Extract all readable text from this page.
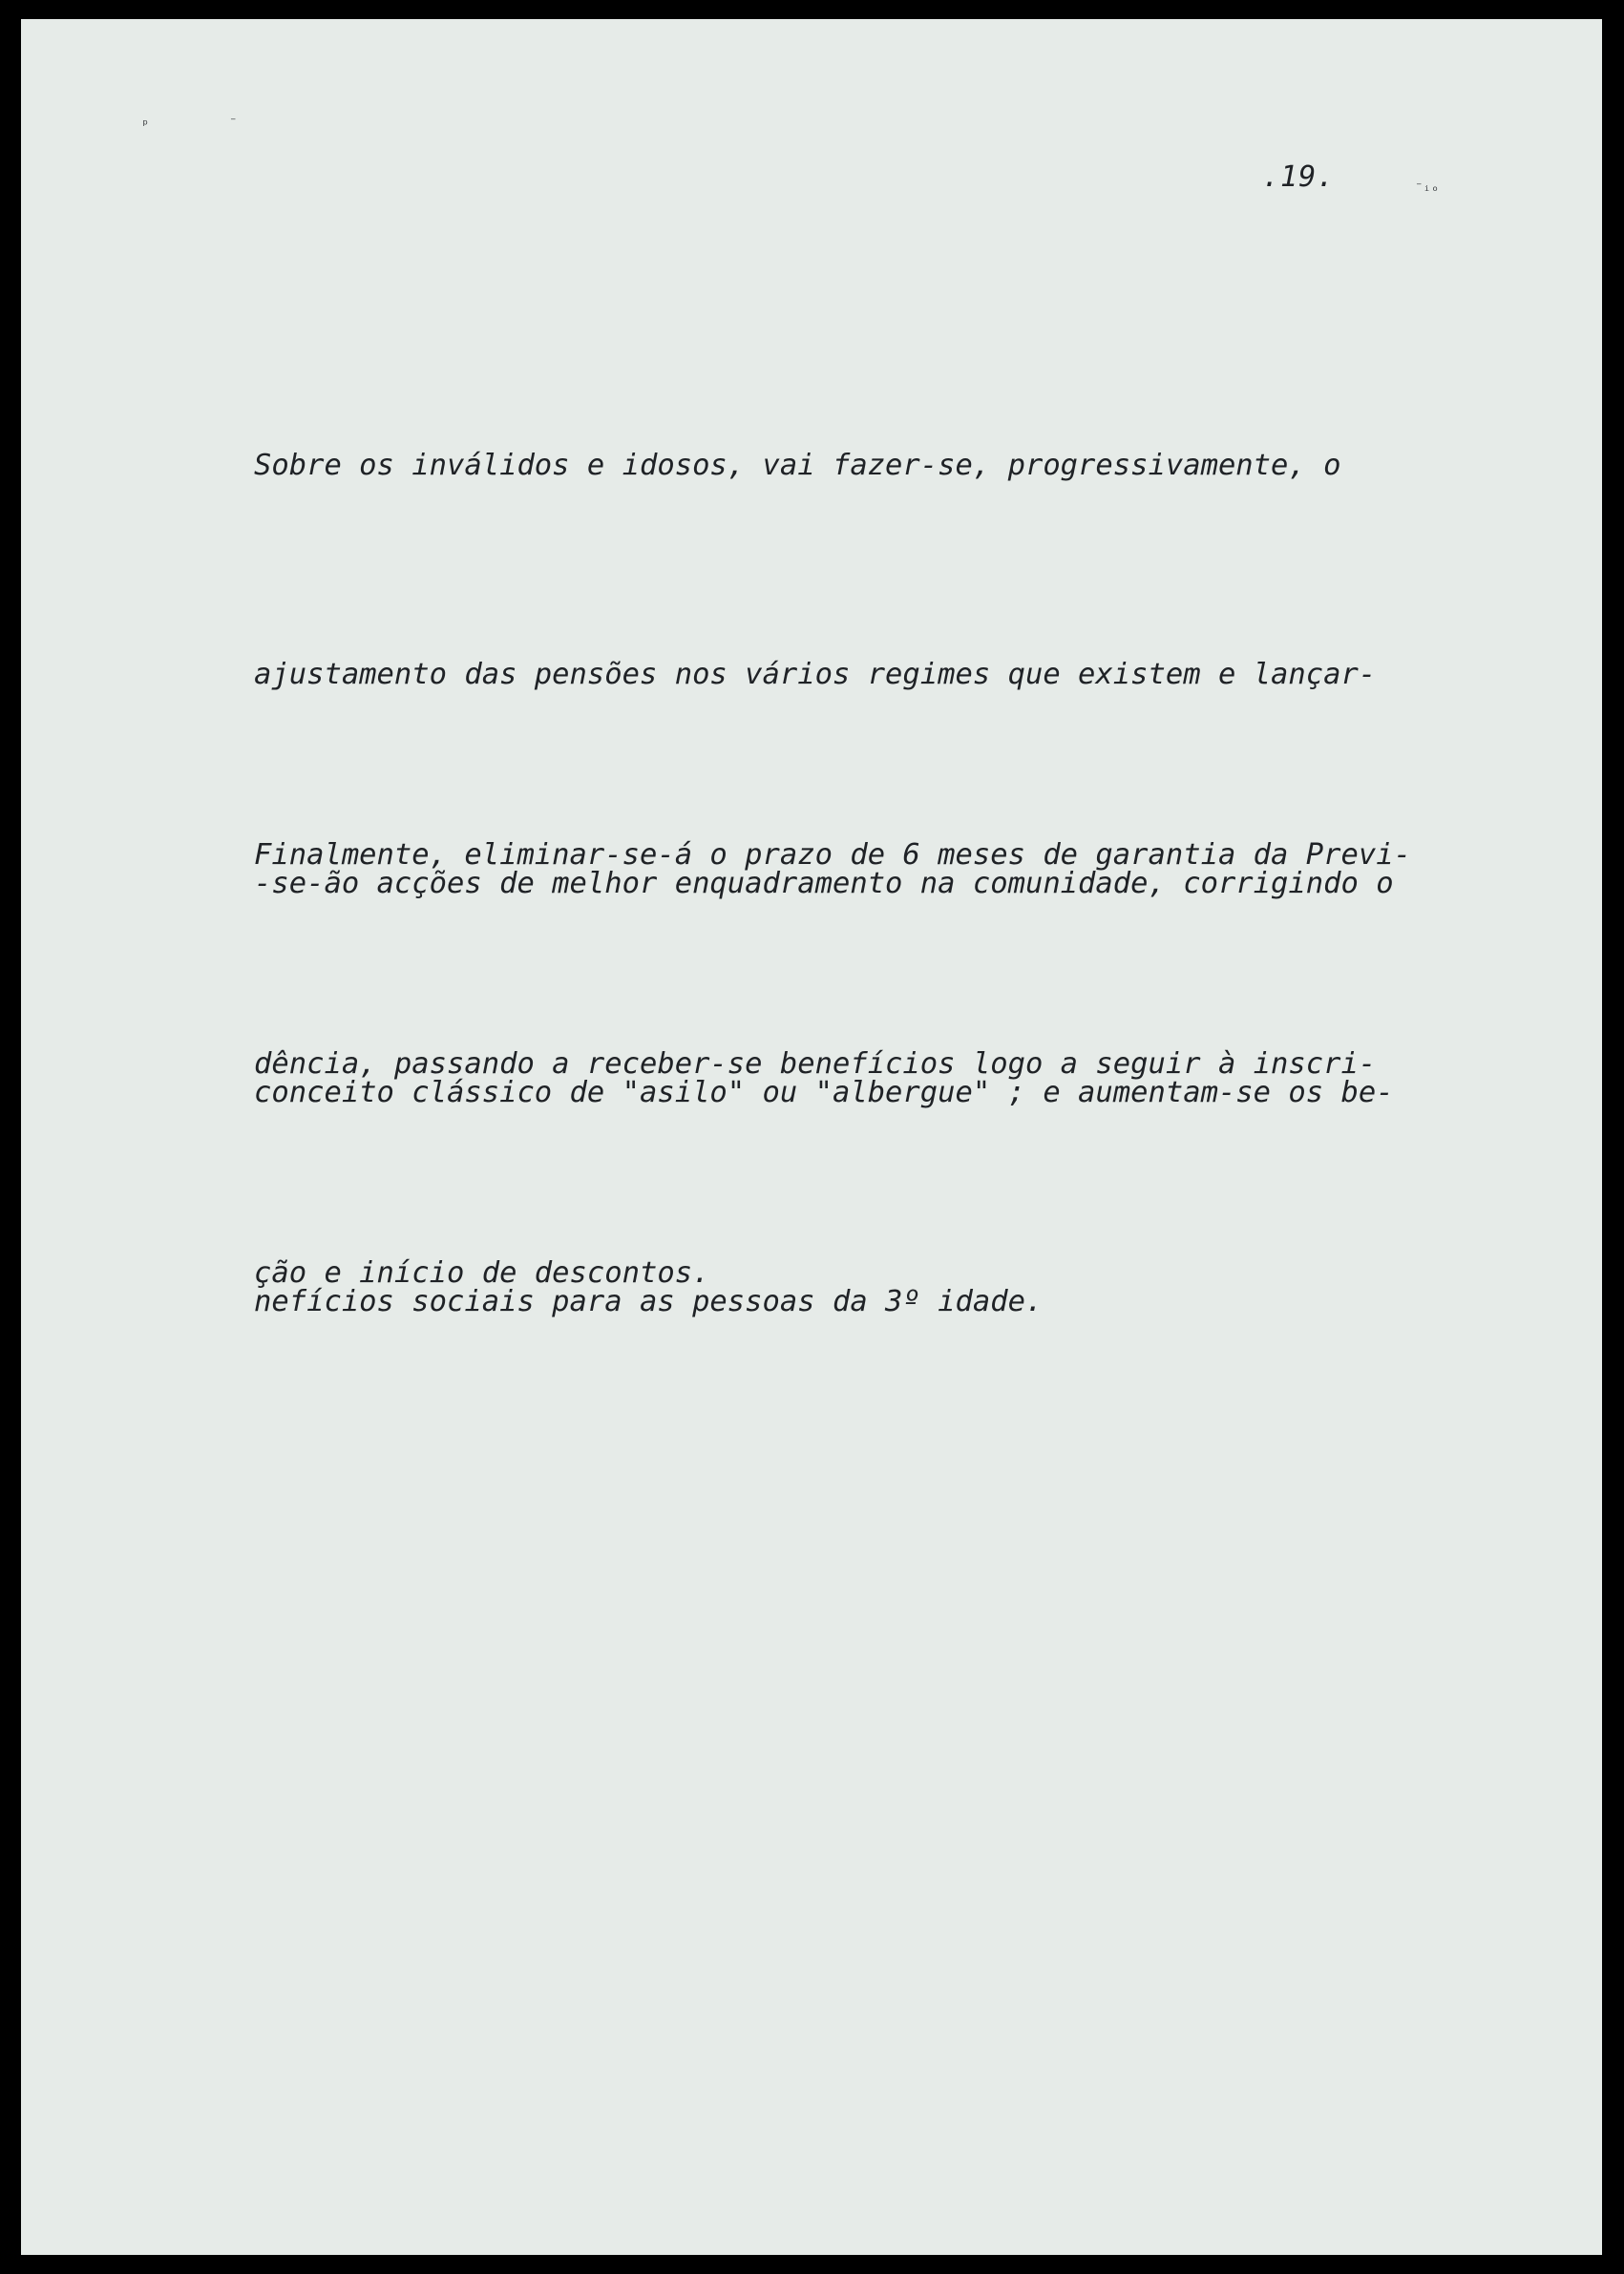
ᵖ	⁻
⁻ᵢₒ
.19.

Sobre os inválidos e idosos, vai fazer-se, progressivamente, o

ajustamento das pensões nos vários regimes que existem e lançar-

-se-ão acções de melhor enquadramento na comunidade, corrigindo o

conceito clássico de "asilo" ou "albergue" ; e aumentam-se os be-

nefícios sociais para as pessoas da 3º idade.

Finalmente, eliminar-se-á o prazo de 6 meses de garantia da Previ-

dência, passando a receber-se benefícios logo a seguir à inscri-

ção e início de descontos.
